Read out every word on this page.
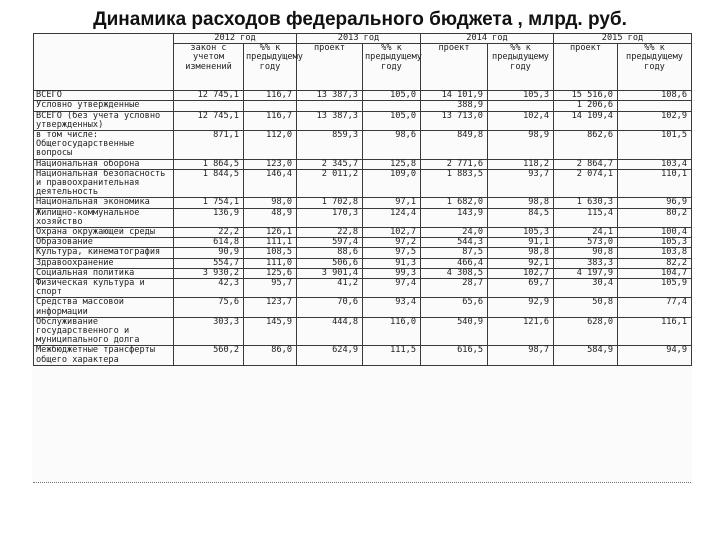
Динамика расходов федерального бюджета , млрд. руб.
	2012 год		2013 год		2014 год		2015 год	
	закон с учетом изменений	%% к предыдущему году	проект	%% к предыдущему году	проект	%% к предыдущему году	проект	%% к предыдущему году
ВСЕГО	12 745,1	116,7	13 387,3	105,0	14 101,9	105,3	15 516,0	108,6
Условно утвержденные					388,9		1 206,6	
ВСЕГО (без учета условно утвержденных)	12 745,1	116,7	13 387,3	105,0	13 713,0	102,4	14 109,4	102,9
в том числе: Общегосударственные вопросы	871,1	112,0	859,3	98,6	849,8	98,9	862,6	101,5
Национальная оборона	1 864,5	123,0	2 345,7	125,8	2 771,6	118,2	2 864,7	103,4
Национальная безопасность и правоохранительная деятельность	1 844,5	146,4	2 011,2	109,0	1 883,5	93,7	2 074,1	110,1
Национальная экономика	1 754,1	98,0	1 702,8	97,1	1 682,0	98,8	1 630,3	96,9
Жилищно-коммунальное хозяйство	136,9	48,9	170,3	124,4	143,9	84,5	115,4	80,2
Охрана окружающей среды	22,2	126,1	22,8	102,7	24,0	105,3	24,1	100,4
Образование	614,8	111,1	597,4	97,2	544,3	91,1	573,0	105,3
Культура, кинематография	90,9	108,5	88,6	97,5	87,5	98,8	90,8	103,8
Здравоохранение	554,7	111,0	506,6	91,3	466,4	92,1	383,3	82,2
Социальная политика	3 930,2	125,6	3 901,4	99,3	4 308,5	102,7	4 197,9	104,7
Физическая культура и спорт	42,3	95,7	41,2	97,4	28,7	69,7	30,4	105,9
Средства массовой информации	75,6	123,7	70,6	93,4	65,6	92,9	50,8	77,4
Обслуживание государственного и муниципального долга	303,3	145,9	444,8	116,0	540,9	121,6	628,0	116,1
Межбюджетные трансферты общего характера	560,2	86,0	624,9	111,5	616,5	98,7	584,9	94,9
